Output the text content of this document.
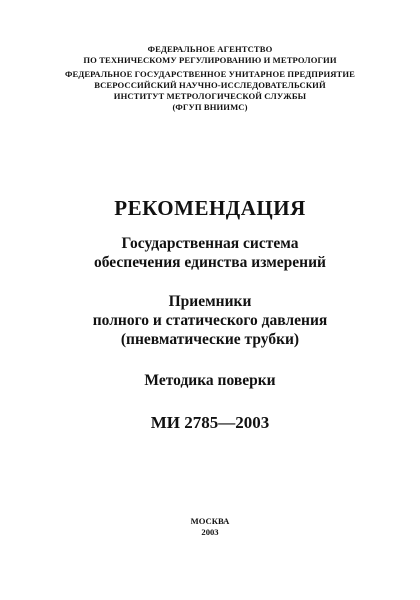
ФЕДЕРАЛЬНОЕ АГЕНТСТВО
ПО ТЕХНИЧЕСКОМУ РЕГУЛИРОВАНИЮ И МЕТРОЛОГИИ
ФЕДЕРАЛЬНОЕ ГОСУДАРСТВЕННОЕ УНИТАРНОЕ ПРЕДПРИЯТИЕ
ВСЕРОССИЙСКИЙ НАУЧНО-ИССЛЕДОВАТЕЛЬСКИЙ
ИНСТИТУТ МЕТРОЛОГИЧЕСКОЙ СЛУЖБЫ
(ФГУП ВНИИМС)
РЕКОМЕНДАЦИЯ
Государственная система
обеспечения единства измерений
Приемники
полного и статического давления
(пневматические трубки)
Методика поверки
МИ 2785—2003
МОСКВА
2003
